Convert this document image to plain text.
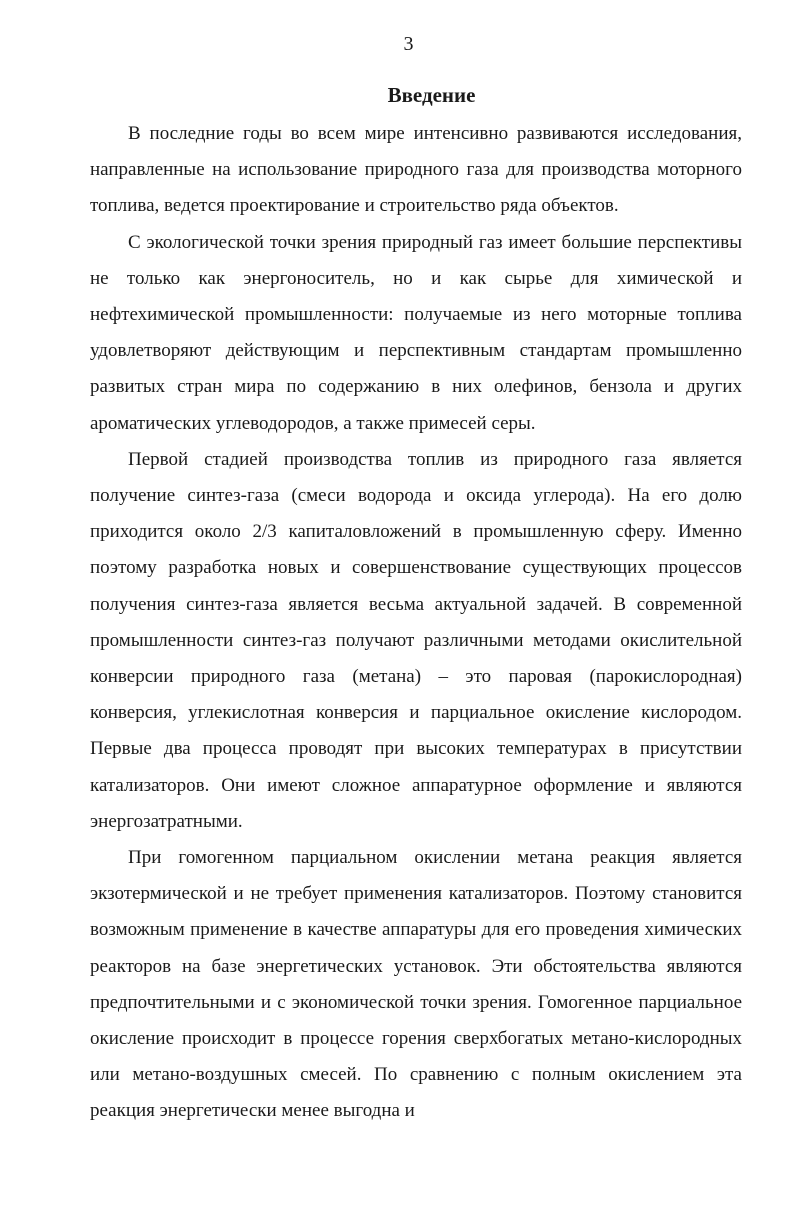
3
Введение

В последние годы во всем мире интенсивно развиваются исследования, направленные на использование природного газа для производства моторного топлива, ведется проектирование и строительство ряда объектов.

С экологической точки зрения природный газ имеет большие перспективы не только как энергоноситель, но и как сырье для химической и нефтехимической промышленности: получаемые из него моторные топлива удовлетворяют действующим и перспективным стандартам промышленно развитых стран мира по содержанию в них олефинов, бензола и других ароматических углеводородов, а также примесей серы.

Первой стадией производства топлив из природного газа является получение синтез-газа (смеси водорода и оксида углерода). На его долю приходится около 2/3 капиталовложений в промышленную сферу. Именно поэтому разработка новых и совершенствование существующих процессов получения синтез-газа является весьма актуальной задачей. В современной промышленности синтез-газ получают различными методами окислительной конверсии природного газа (метана) – это паровая (парокислородная) конверсия, углекислотная конверсия и парциальное окисление кислородом. Первые два процесса проводят при высоких температурах в присутствии катализаторов. Они имеют сложное аппаратурное оформление и являются энергозатратными.

При гомогенном парциальном окислении метана реакция является экзотермической и не требует применения катализаторов. Поэтому становится возможным применение в качестве аппаратуры для его проведения химических реакторов на базе энергетических установок. Эти обстоятельства являются предпочтительными и с экономической точки зрения. Гомогенное парциальное окисление происходит в процессе горения сверхбогатых метано-кислородных или метано-воздушных смесей. По сравнению с полным окислением эта реакция энергетически менее выгодна и
